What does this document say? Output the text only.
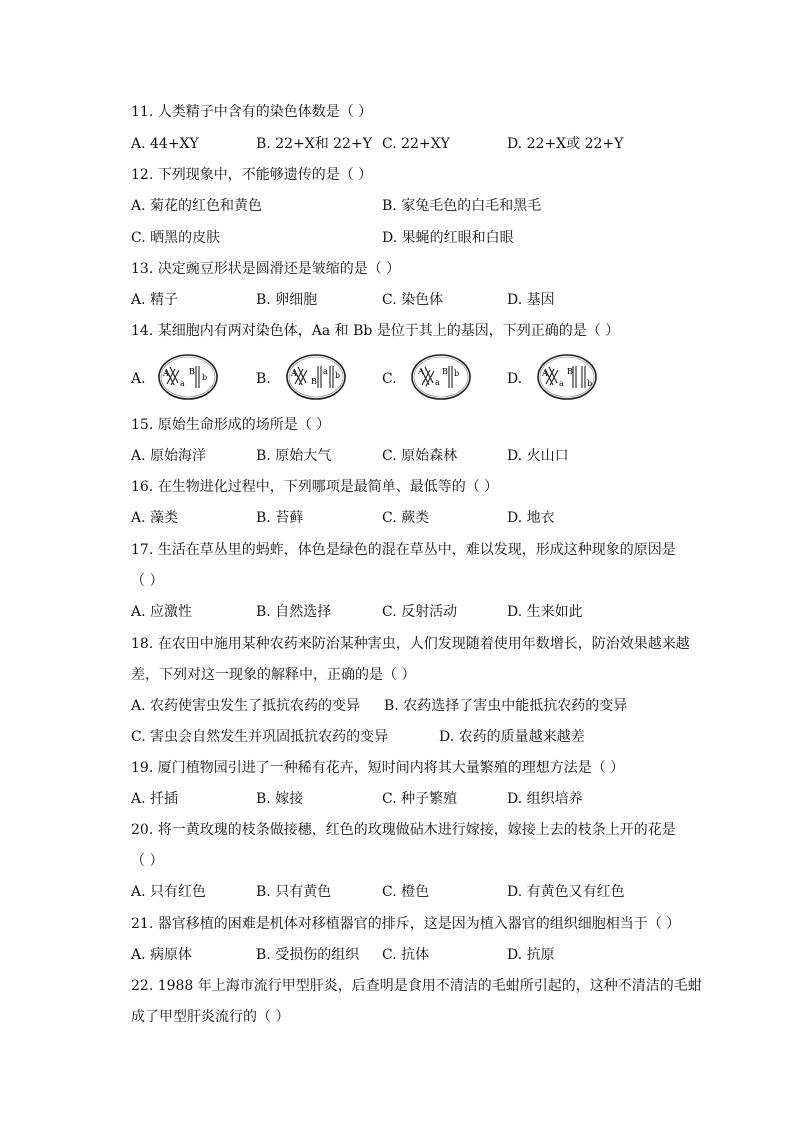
11. 人类精子中含有的染色体数是（ ）
A. 44+XY	B. 22+X和 22+Y C. 22+XY	D. 22+X或 22+Y
12. 下列现象中，不能够遗传的是（ ）
A. 菊花的红色和黄色	B. 家兔毛色的白毛和黑毛
C. 晒黑的皮肤	D. 果蝇的红眼和白眼
13. 决定豌豆形状是圆滑还是皱缩的是（ ）
A. 精子	B. 卵细胞	C. 染色体	D. 基因
14. 某细胞内有两对染色体，Aa 和 Bb 是位于其上的基因，下列正确的是（ ）
A.	B.	C.	D.
A
a
B
b	A
B
a b	A
a
B b	A
a
B
b
15. 原始生命形成的场所是（ ）
A. 原始海洋	B. 原始大气	C. 原始森林	D. 火山口
16. 在生物进化过程中，下列哪项是最简单、最低等的（ ）
A. 藻类	B. 苔藓	C. 蕨类	D. 地衣
17. 生活在草丛里的蚂蚱，体色是绿色的混在草丛中，难以发现，形成这种现象的原因是
（ ）
A. 应激性	B. 自然选择	C. 反射活动	D. 生来如此
18. 在农田中施用某种农药来防治某种害虫，人们发现随着使用年数增长，防治效果越来越
差，下列对这一现象的解释中，正确的是（ ）
A. 农药使害虫发生了抵抗农药的变异 B. 农药选择了害虫中能抵抗农药的变异
C. 害虫会自然发生并巩固抵抗农药的变异	D. 农药的质量越来越差
19. 厦门植物园引进了一种稀有花卉，短时间内将其大量繁殖的理想方法是（ ）
A. 扦插	B. 嫁接	C. 种子繁殖	D. 组织培养
20. 将一黄玫瑰的枝条做接穗，红色的玫瑰做砧木进行嫁接，嫁接上去的枝条上开的花是
（ ）
A. 只有红色	B. 只有黄色	C. 橙色	D. 有黄色又有红色
21. 器官移植的困难是机体对移植器官的排斥，这是因为植入器官的组织细胞相当于（ ）
A. 病原体	B. 受损伤的组织 C. 抗体	D. 抗原
22. 1988 年上海市流行甲型肝炎，后查明是食用不清洁的毛蚶所引起的，这种不清洁的毛蚶
成了甲型肝炎流行的（ ）
